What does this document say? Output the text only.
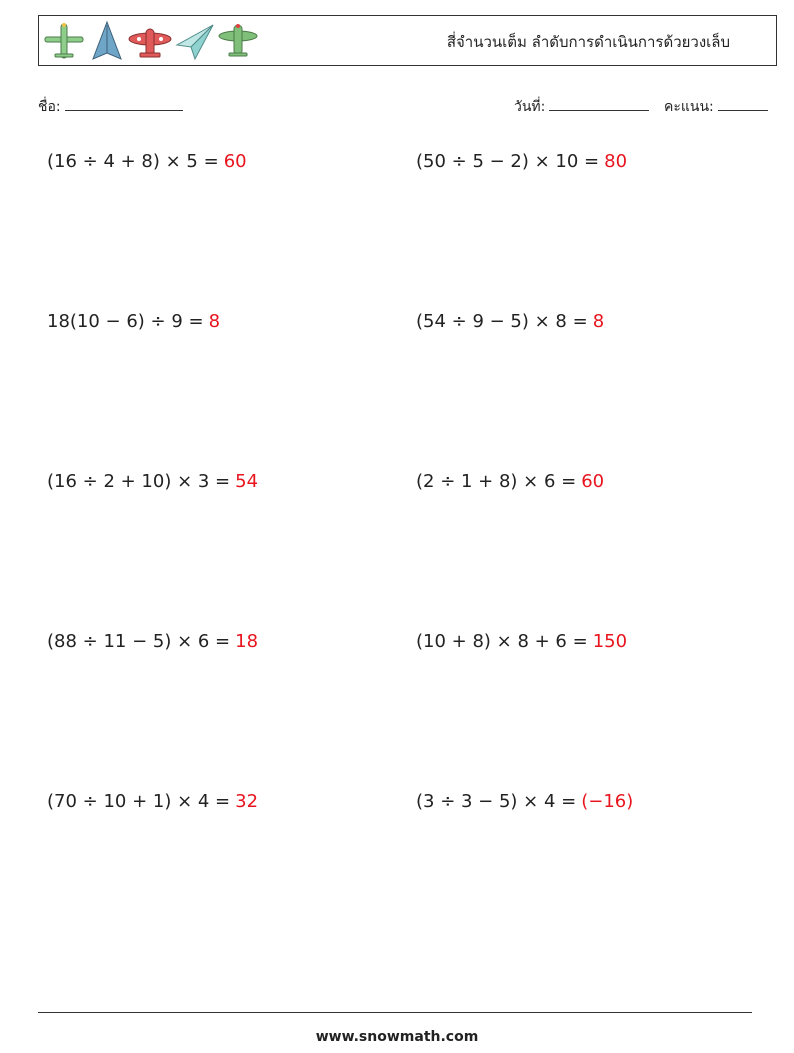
สี่จำนวนเต็ม ลำดับการดำเนินการด้วยวงเล็บ
ชื่อ:	วันที่:	คะแนน:
(16 ÷ 4 + 8) × 5 = 60	(50 ÷ 5 − 2) × 10 = 80
18(10 − 6) ÷ 9 = 8	(54 ÷ 9 − 5) × 8 = 8
(16 ÷ 2 + 10) × 3 = 54	(2 ÷ 1 + 8) × 6 = 60
(88 ÷ 11 − 5) × 6 = 18	(10 + 8) × 8 + 6 = 150
(70 ÷ 10 + 1) × 4 = 32	(3 ÷ 3 − 5) × 4 = (−16)
www.snowmath.com
